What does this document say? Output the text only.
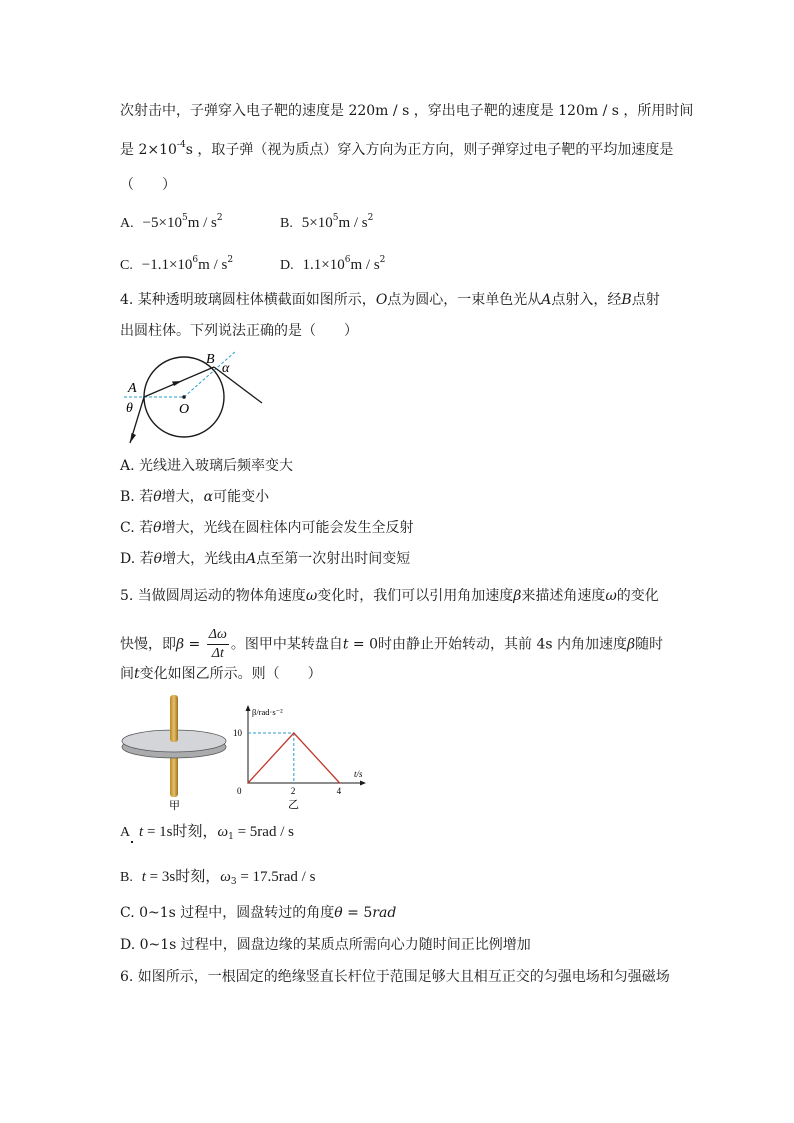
次射击中，子弹穿入电子靶的速度是 220m / s ，穿出电子靶的速度是 120m / s ，所用时间
是 $2\times 10^{-4}s$ ，取子弹（视为质点）穿入方向为正方向，则子弹穿过电子靶的平均加速度是
（　　）
A. $-5\times 10^5m / s^2$	B. $5\times 10^5m / s^2$
C. $-1.1\times 10^6m / s^2$	D. $1.1\times 10^6m / s^2$
4. 某种透明玻璃圆柱体横截面如图所示，O点为圆心，一束单色光从A点射入，经B点射
出圆柱体。下列说法正确的是（　　）
A
B
O
θ
α
A. 光线进入玻璃后频率变大
B. 若θ增大，α可能变小
C. 若θ增大，光线在圆柱体内可能会发生全反射
D. 若θ增大，光线由A点至第一次射出时间变短
5. 当做圆周运动的物体角速度ω变化时，我们可以引用角加速度β来描述角速度ω的变化
快慢，即$\beta = \frac{\Delta\omega}{\Delta t}$ 。图甲中某转盘自t = 0时由静止开始转动，其前 4s 内角加速度β随时
间t变化如图乙所示。则（　　）
甲
β/rad·s⁻²
t/s
0	2	4
10
乙
A t = 1s时刻，$\omega_1 = 5rad / s$
B. t = 3s时刻，$\omega_3 = 17.5rad / s$
C. 0~1s 过程中，圆盘转过的角度θ = 5rad
D. 0~1s 过程中，圆盘边缘的某质点所需向心力随时间正比例增加
6. 如图所示，一根固定的绝缘竖直长杆位于范围足够大且相互正交的匀强电场和匀强磁场
